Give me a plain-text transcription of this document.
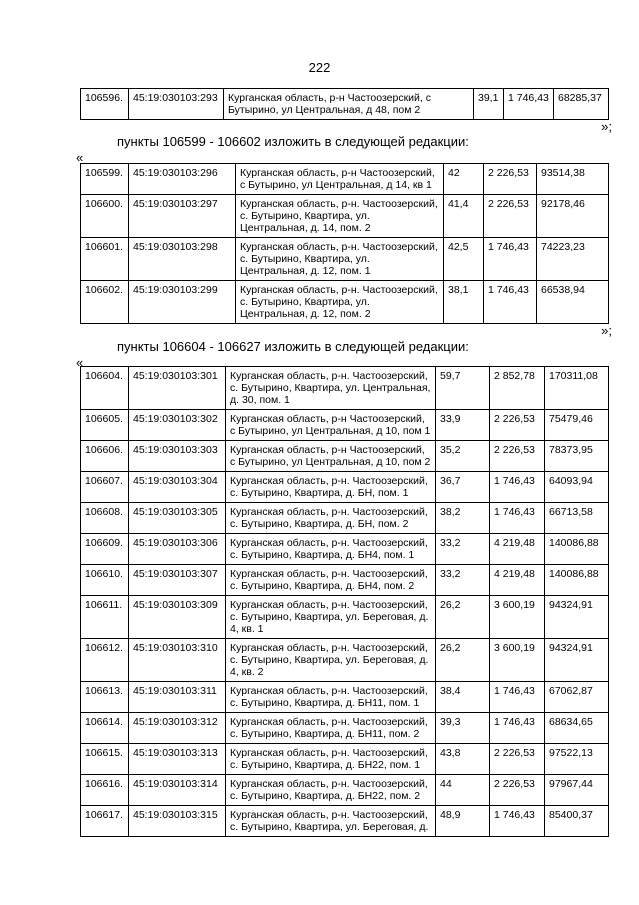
222
106596.	45:19:030103:293	Курганская область, р-н Частоозерский, с Бутырино, ул Центральная, д 48, пом 2	39,1	1 746,43	68285,37
»;
пункты 106599 - 106602 изложить в следующей редакции:
«
106599.	45:19:030103:296	Курганская область, р-н Частоозерский, с Бутырино, ул Центральная, д 14, кв 1	42	2 226,53	93514,38
106600.	45:19:030103:297	Курганская область, р-н. Частоозерский, с. Бутырино, Квартира, ул. Центральная, д. 14, пом. 2	41,4	2 226,53	92178,46
106601.	45:19:030103:298	Курганская область, р-н. Частоозерский, с. Бутырино, Квартира, ул. Центральная, д. 12, пом. 1	42,5	1 746,43	74223,23
106602.	45:19:030103:299	Курганская область, р-н. Частоозерский, с. Бутырино, Квартира, ул. Центральная, д. 12, пом. 2	38,1	1 746,43	66538,94
»;
пункты 106604 - 106627 изложить в следующей редакции:
«
106604.	45:19:030103:301	Курганская область, р-н. Частоозерский, с. Бутырино, Квартира, ул. Центральная, д. 30, пом. 1	59,7	2 852,78	170311,08
106605.	45:19:030103:302	Курганская область, р-н Частоозерский, с Бутырино, ул Центральная, д 10, пом 1	33,9	2 226,53	75479,46
106606.	45:19:030103:303	Курганская область, р-н Частоозерский, с Бутырино, ул Центральная, д 10, пом 2	35,2	2 226,53	78373,95
106607.	45:19:030103:304	Курганская область, р-н. Частоозерский, с. Бутырино, Квартира, д. БН, пом. 1	36,7	1 746,43	64093,94
106608.	45:19:030103:305	Курганская область, р-н. Частоозерский, с. Бутырино, Квартира, д. БН, пом. 2	38,2	1 746,43	66713,58
106609.	45:19:030103:306	Курганская область, р-н. Частоозерский, с. Бутырино, Квартира, д. БН4, пом. 1	33,2	4 219,48	140086,88
106610.	45:19:030103:307	Курганская область, р-н. Частоозерский, с. Бутырино, Квартира, д. БН4, пом. 2	33,2	4 219,48	140086,88
106611.	45:19:030103:309	Курганская область, р-н. Частоозерский, с. Бутырино, Квартира, ул. Береговая, д. 4, кв. 1	26,2	3 600,19	94324,91
106612.	45:19:030103:310	Курганская область, р-н. Частоозерский, с. Бутырино, Квартира, ул. Береговая, д. 4, кв. 2	26,2	3 600,19	94324,91
106613.	45:19:030103:311	Курганская область, р-н. Частоозерский, с. Бутырино, Квартира, д. БН11, пом. 1	38,4	1 746,43	67062,87
106614.	45:19:030103:312	Курганская область, р-н. Частоозерский, с. Бутырино, Квартира, д. БН11, пом. 2	39,3	1 746,43	68634,65
106615.	45:19:030103:313	Курганская область, р-н. Частоозерский, с. Бутырино, Квартира, д. БН22, пом. 1	43,8	2 226,53	97522,13
106616.	45:19:030103:314	Курганская область, р-н. Частоозерский, с. Бутырино, Квартира, д. БН22, пом. 2	44	2 226,53	97967,44
106617.	45:19:030103:315	Курганская область, р-н. Частоозерский, с. Бутырино, Квартира, ул. Береговая, д.	48,9	1 746,43	85400,37
